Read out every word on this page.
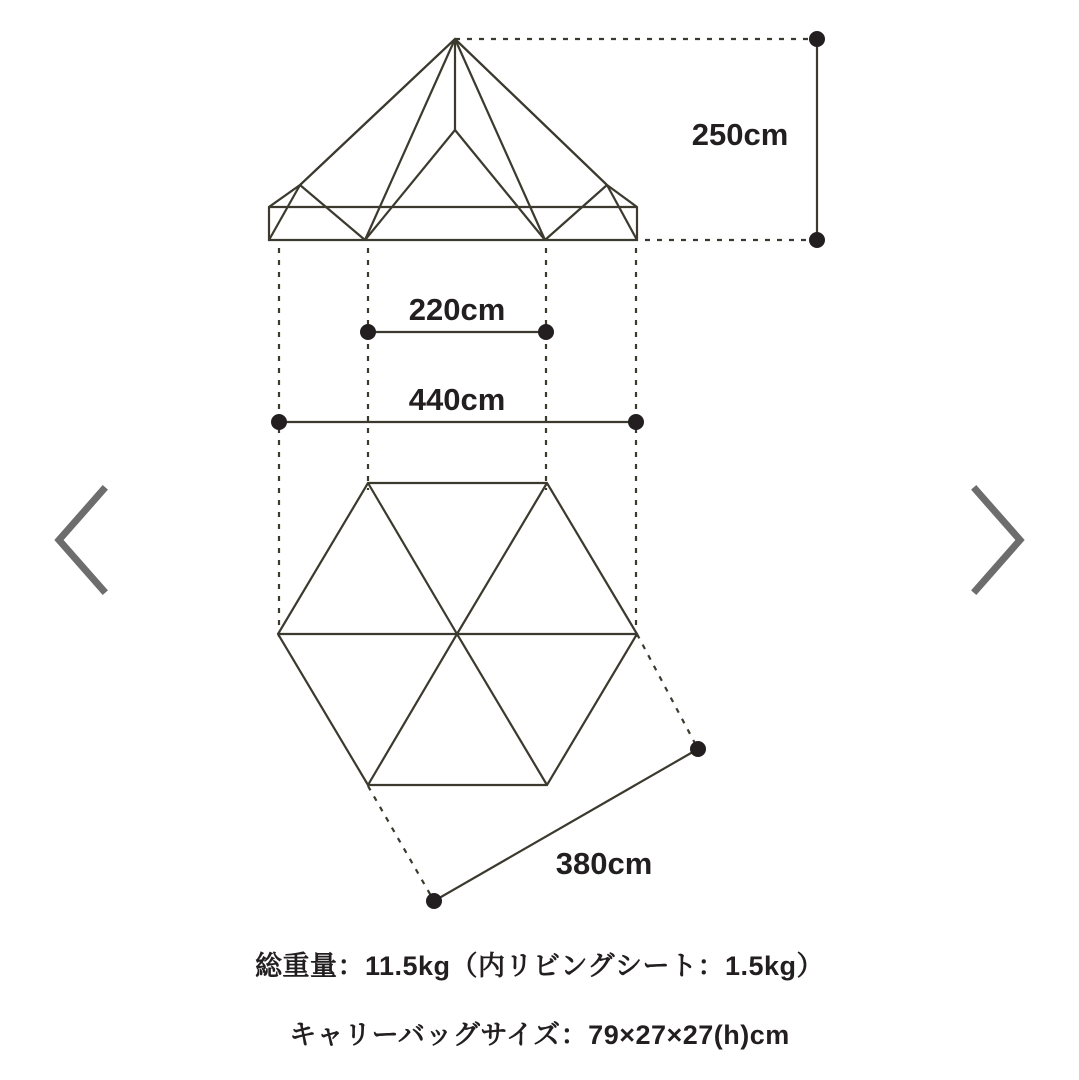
250cm
220cm
440cm
380cm
総重量：11.5kg（内リビングシート：1.5kg）
キャリーバッグサイズ：79×27×27(h)cm
